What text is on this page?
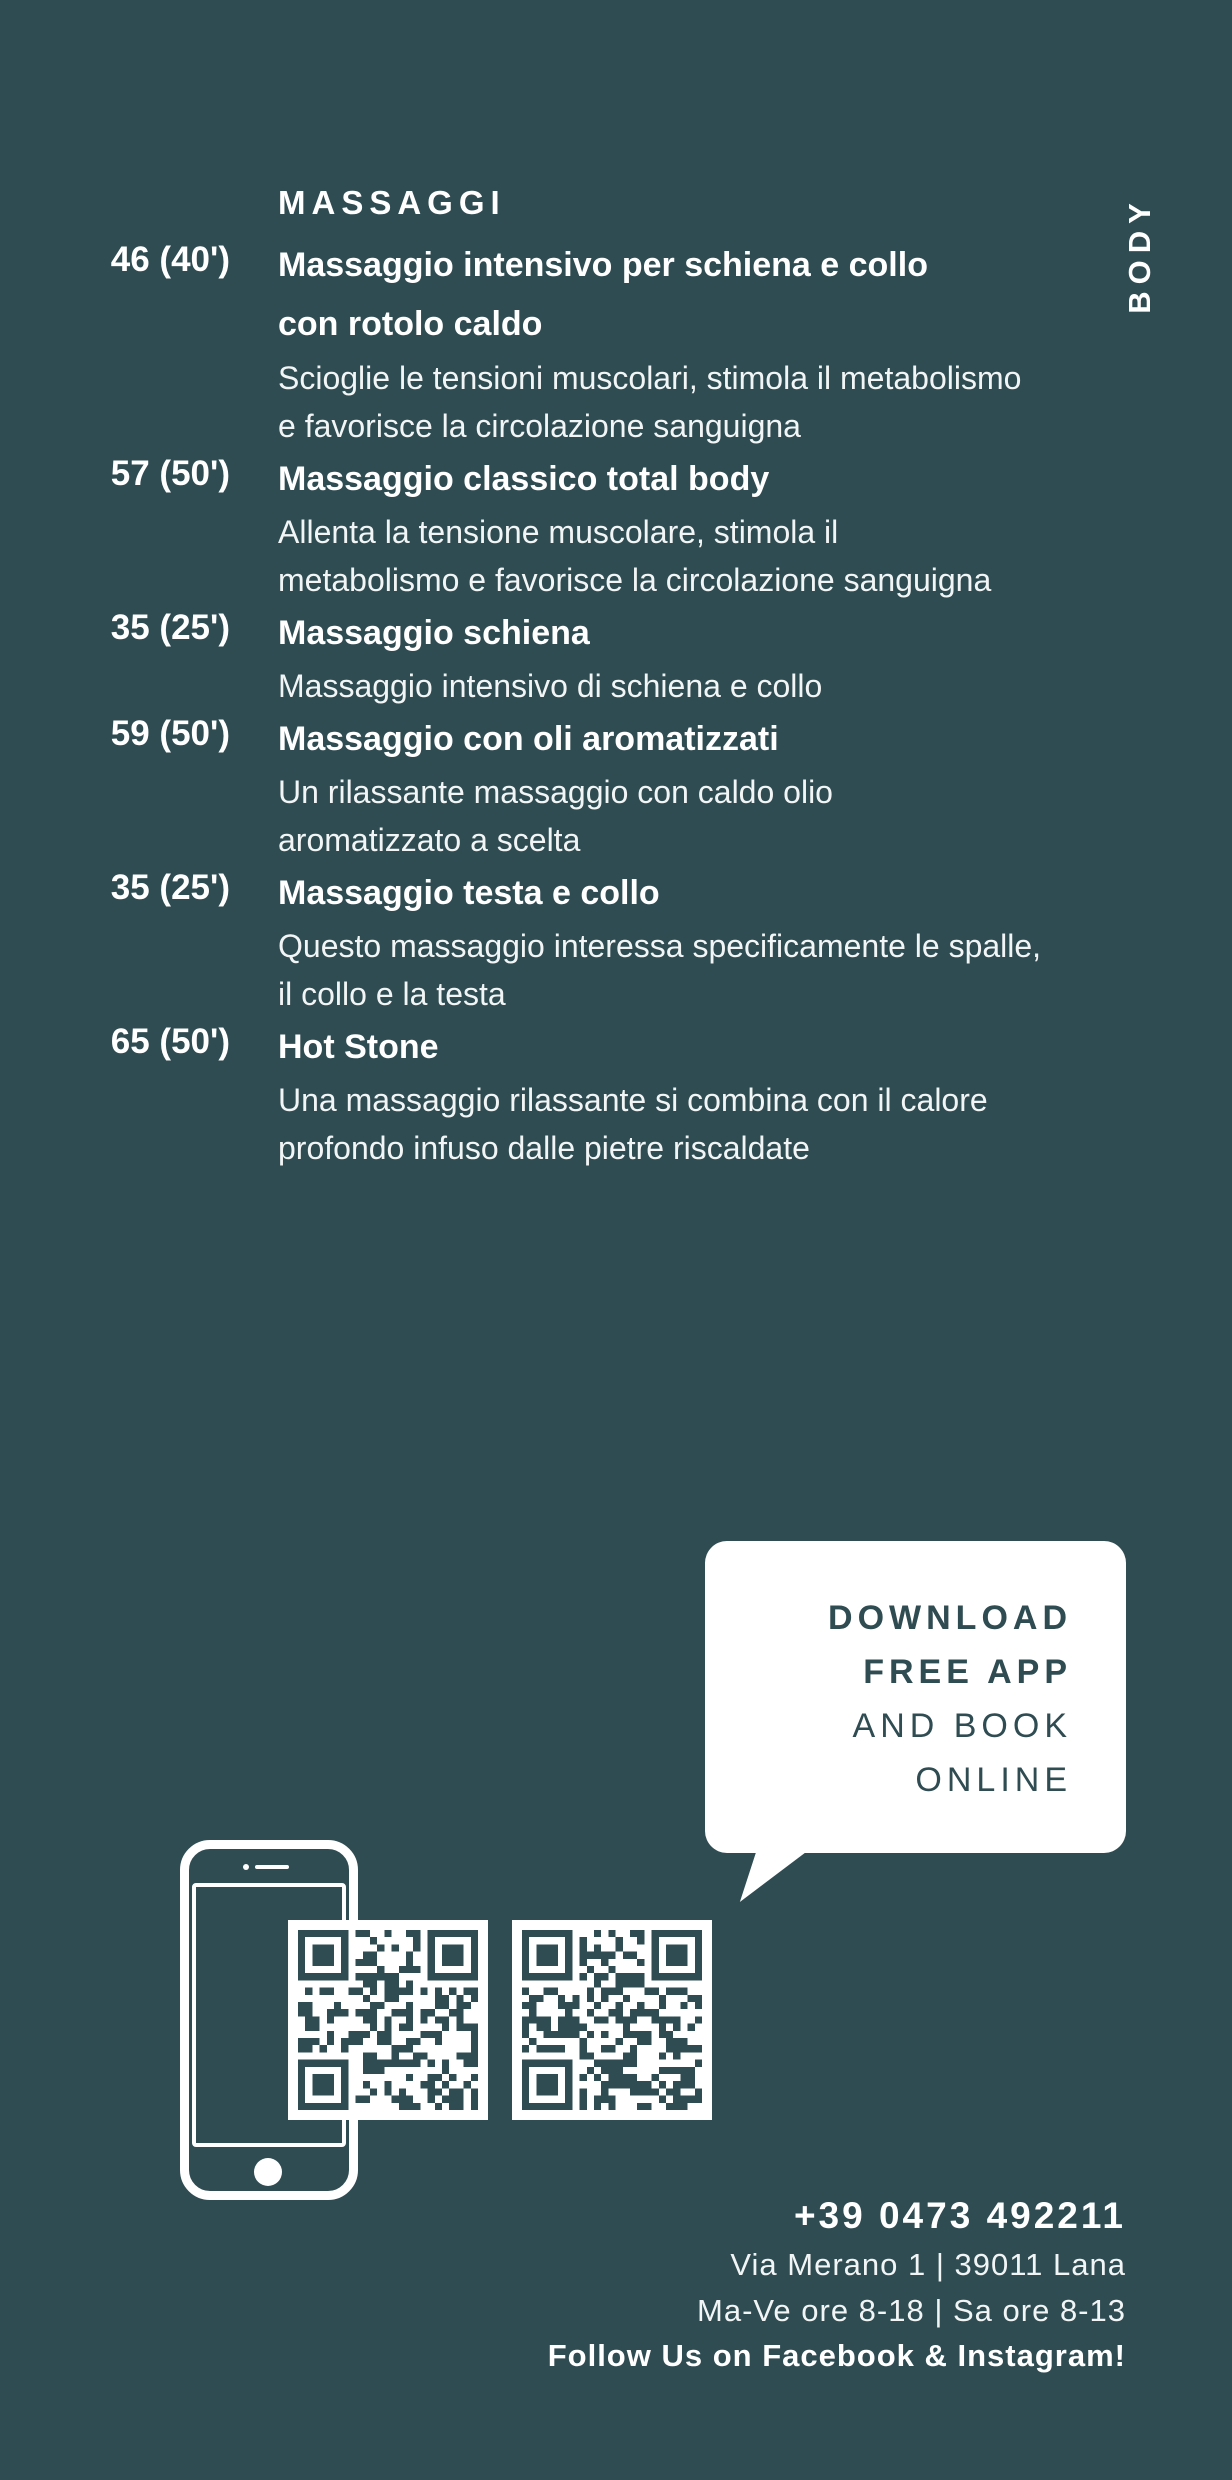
BODY
MASSAGGI
46 (40') Massaggio intensivo per schiena e collo
con rotolo caldo
Scioglie le tensioni muscolari, stimola il metabolismo
e favorisce la circolazione sanguigna
57 (50') Massaggio classico total body
Allenta la tensione muscolare, stimola il
metabolismo e favorisce la circolazione sanguigna
35 (25') Massaggio schiena
Massaggio intensivo di schiena e collo
59 (50') Massaggio con oli aromatizzati
Un rilassante massaggio con caldo olio
aromatizzato a scelta
35 (25') Massaggio testa e collo
Questo massaggio interessa specificamente le spalle,
il collo e la testa
65 (50') Hot Stone
Una massaggio rilassante si combina con il calore
profondo infuso dalle pietre riscaldate
DOWNLOAD
FREE APP
AND BOOK
ONLINE
+39 0473 492211
Via Merano 1 | 39011 Lana
Ma-Ve ore 8-18 | Sa ore 8-13
Follow Us on Facebook & Instagram!
